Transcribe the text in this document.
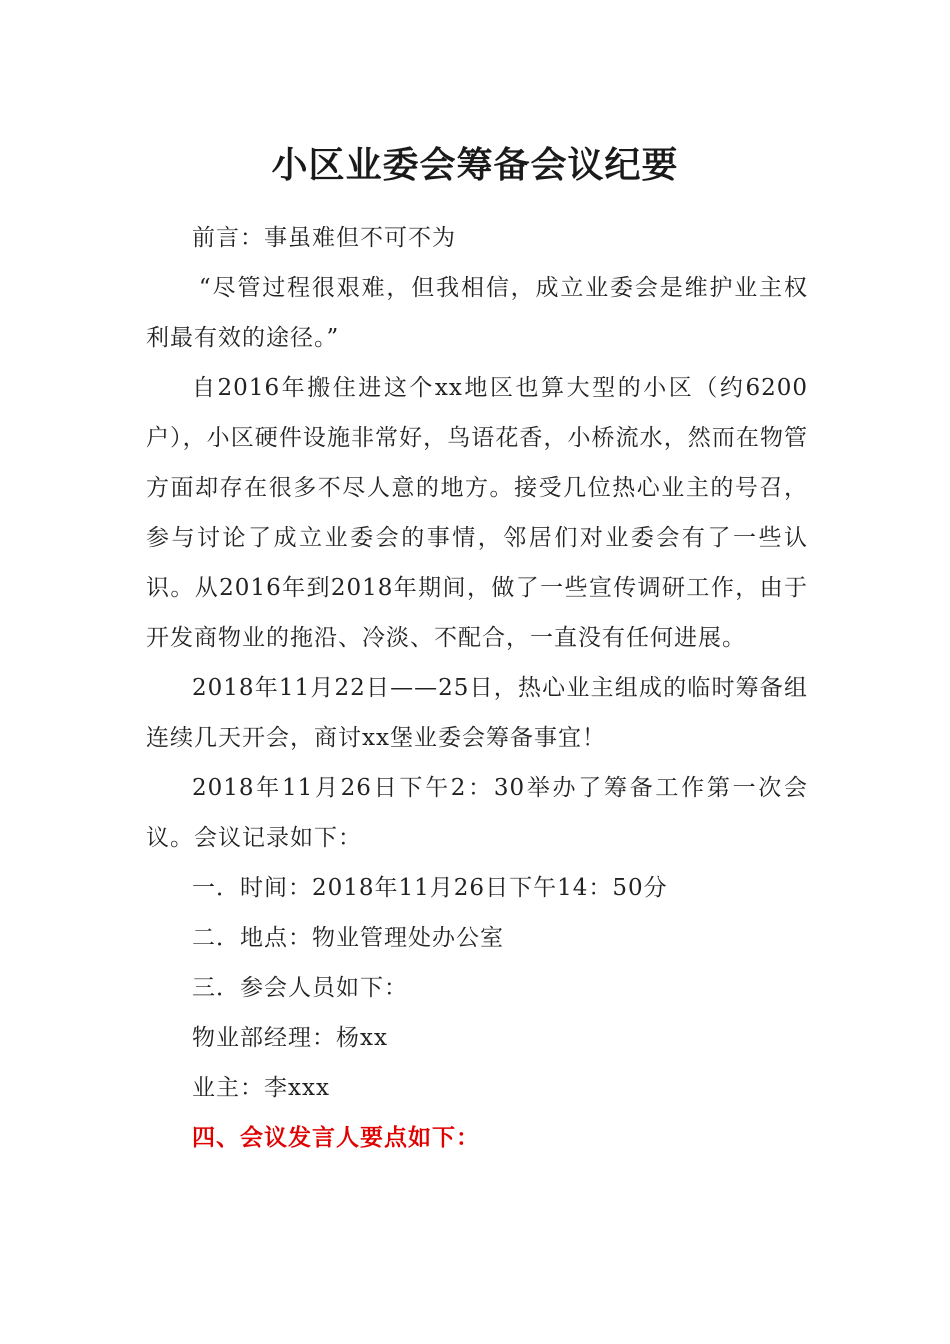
小区业委会筹备会议纪要

前言：事虽难但不可不为

“尽管过程很艰难，但我相信，成立业委会是维护业主权利最有效的途径。”

自2016年搬住进这个xx地区也算大型的小区（约6200户），小区硬件设施非常好，鸟语花香，小桥流水，然而在物管方面却存在很多不尽人意的地方。接受几位热心业主的号召，参与讨论了成立业委会的事情，邻居们对业委会有了一些认识。从2016年到2018年期间，做了一些宣传调研工作，由于开发商物业的拖沿、冷淡、不配合，一直没有任何进展。

2018年11月22日——25日，热心业主组成的临时筹备组连续几天开会，商讨xx堡业委会筹备事宜！

2018年11月26日下午2：30举办了筹备工作第一次会议。会议记录如下：

一．时间：2018年11月26日下午14：50分

二．地点：物业管理处办公室

三．参会人员如下：

物业部经理：杨xx

业主：李xxx

四、会议发言人要点如下：
